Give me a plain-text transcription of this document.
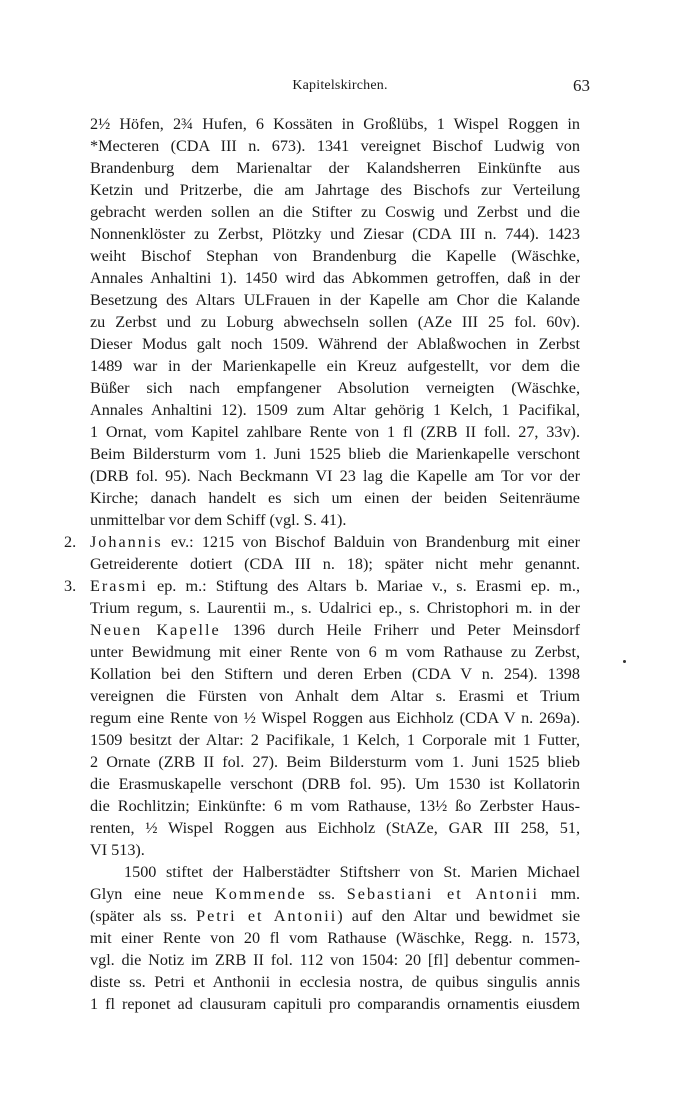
Kapitelskirchen.	63
2½ Höfen, 2¾ Hufen, 6 Kossäten in Großlübs, 1 Wispel Roggen in
*Mecteren (CDA III n. 673). 1341 vereignet Bischof Ludwig von
Brandenburg dem Marienaltar der Kalandsherren Einkünfte aus
Ketzin und Pritzerbe, die am Jahrtage des Bischofs zur Verteilung
gebracht werden sollen an die Stifter zu Coswig und Zerbst und die
Nonnenklöster zu Zerbst, Plötzky und Ziesar (CDA III n. 744). 1423
weiht Bischof Stephan von Brandenburg die Kapelle (Wäschke,
Annales Anhaltini 1). 1450 wird das Abkommen getroffen, daß in der
Besetzung des Altars ULFrauen in der Kapelle am Chor die Kalande
zu Zerbst und zu Loburg abwechseln sollen (AZe III 25 fol. 60v).
Dieser Modus galt noch 1509. Während der Ablaßwochen in Zerbst
1489 war in der Marienkapelle ein Kreuz aufgestellt, vor dem die
Büßer sich nach empfangener Absolution verneigten (Wäschke,
Annales Anhaltini 12). 1509 zum Altar gehörig 1 Kelch, 1 Pacifikal,
1 Ornat, vom Kapitel zahlbare Rente von 1 fl (ZRB II foll. 27, 33v).
Beim Bildersturm vom 1. Juni 1525 blieb die Marienkapelle verschont
(DRB fol. 95). Nach Beckmann VI 23 lag die Kapelle am Tor vor der
Kirche; danach handelt es sich um einen der beiden Seitenräume
unmittelbar vor dem Schiff (vgl. S. 41).
2. Johannis ev.: 1215 von Bischof Balduin von Brandenburg mit einer
Getreiderente dotiert (CDA III n. 18); später nicht mehr genannt.
3. Erasmi ep. m.: Stiftung des Altars b. Mariae v., s. Erasmi ep. m.,
Trium regum, s. Laurentii m., s. Udalrici ep., s. Christophori m. in der
Neuen Kapelle 1396 durch Heile Friherr und Peter Meinsdorf
unter Bewidmung mit einer Rente von 6 m vom Rathause zu Zerbst,
Kollation bei den Stiftern und deren Erben (CDA V n. 254). 1398
vereignen die Fürsten von Anhalt dem Altar s. Erasmi et Trium
regum eine Rente von ½ Wispel Roggen aus Eichholz (CDA V n. 269a).
1509 besitzt der Altar: 2 Pacifikale, 1 Kelch, 1 Corporale mit 1 Futter,
2 Ornate (ZRB II fol. 27). Beim Bildersturm vom 1. Juni 1525 blieb
die Erasmuskapelle verschont (DRB fol. 95). Um 1530 ist Kollatorin
die Rochlitzin; Einkünfte: 6 m vom Rathause, 13½ ßo Zerbster Haus-
renten, ½ Wispel Roggen aus Eichholz (StAZe, GAR III 258, 51,
VI 513).
1500 stiftet der Halberstädter Stiftsherr von St. Marien Michael
Glyn eine neue Kommende ss. Sebastiani et Antonii mm.
(später als ss. Petri et Antonii) auf den Altar und bewidmet sie
mit einer Rente von 20 fl vom Rathause (Wäschke, Regg. n. 1573,
vgl. die Notiz im ZRB II fol. 112 von 1504: 20 [fl] debentur commen-
diste ss. Petri et Anthonii in ecclesia nostra, de quibus singulis annis
1 fl reponet ad clausuram capituli pro comparandis ornamentis eiusdem
